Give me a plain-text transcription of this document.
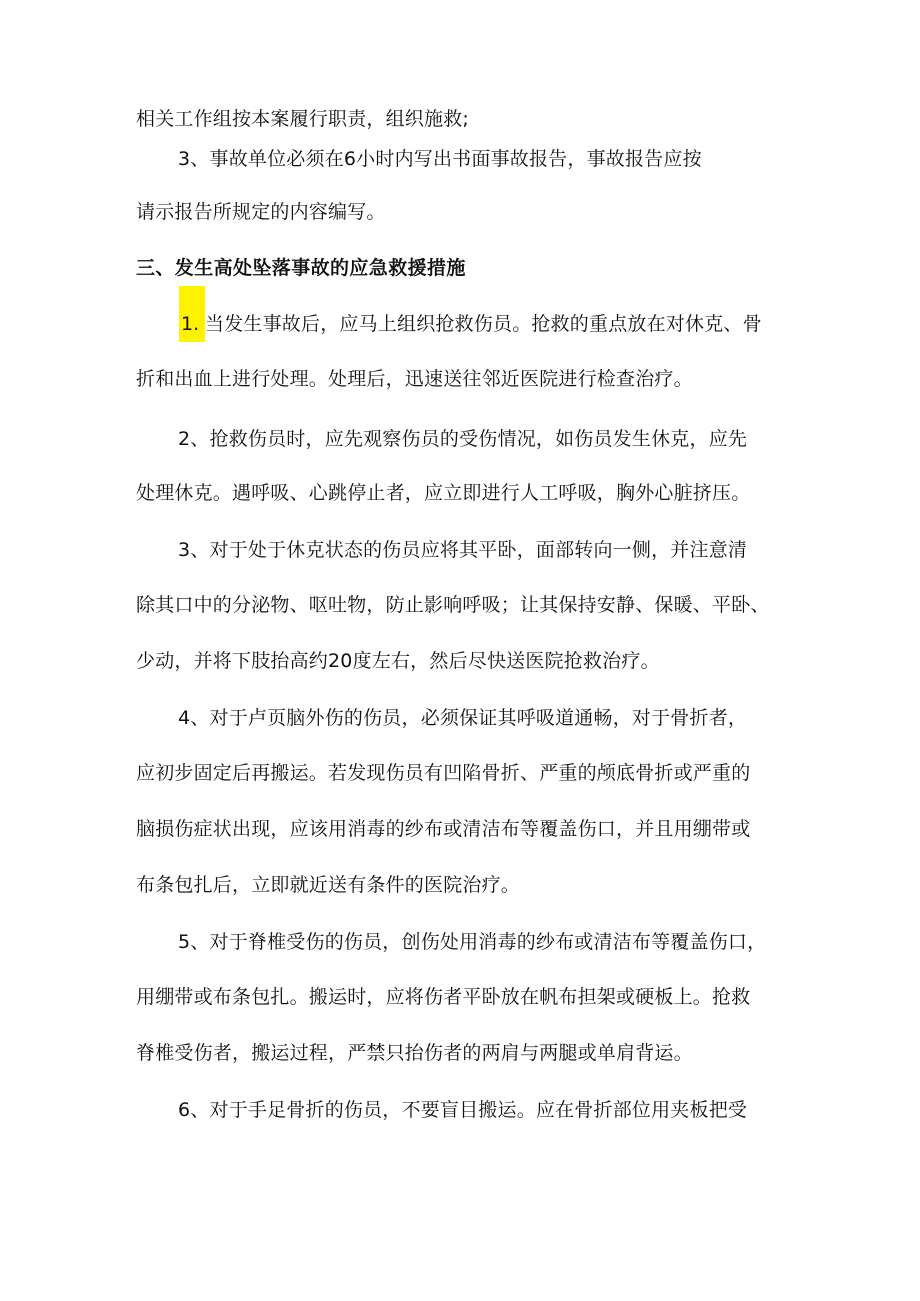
相关工作组按本案履行职责，组织施救;
3、事故单位必须在6小时内写出书面事故报告，事故报告应按
请示报告所规定的内容编写。
三、发生高处坠落事故的应急救援措施
1. 当发生事故后，应马上组织抢救伤员。抢救的重点放在对休克、骨
折和出血上进行处理。处理后，迅速送往邻近医院进行检查治疗。
2、抢救伤员时，应先观察伤员的受伤情况，如伤员发生休克，应先
处理休克。遇呼吸、心跳停止者，应立即进行人工呼吸，胸外心脏挤压。
3、对于处于休克状态的伤员应将其平卧，面部转向一侧，并注意清
除其口中的分泌物、呕吐物，防止影响呼吸；让其保持安静、保暖、平卧、
少动，并将下肢抬高约20度左右，然后尽快送医院抢救治疗。
4、对于卢页脑外伤的伤员，必须保证其呼吸道通畅，对于骨折者，
应初步固定后再搬运。若发现伤员有凹陷骨折、严重的颅底骨折或严重的
脑损伤症状出现，应该用消毒的纱布或清洁布等覆盖伤口，并且用绷带或
布条包扎后，立即就近送有条件的医院治疗。
5、对于脊椎受伤的伤员，创伤处用消毒的纱布或清洁布等覆盖伤口，
用绷带或布条包扎。搬运时，应将伤者平卧放在帆布担架或硬板上。抢救
脊椎受伤者，搬运过程，严禁只抬伤者的两肩与两腿或单肩背运。
6、对于手足骨折的伤员，不要盲目搬运。应在骨折部位用夹板把受
